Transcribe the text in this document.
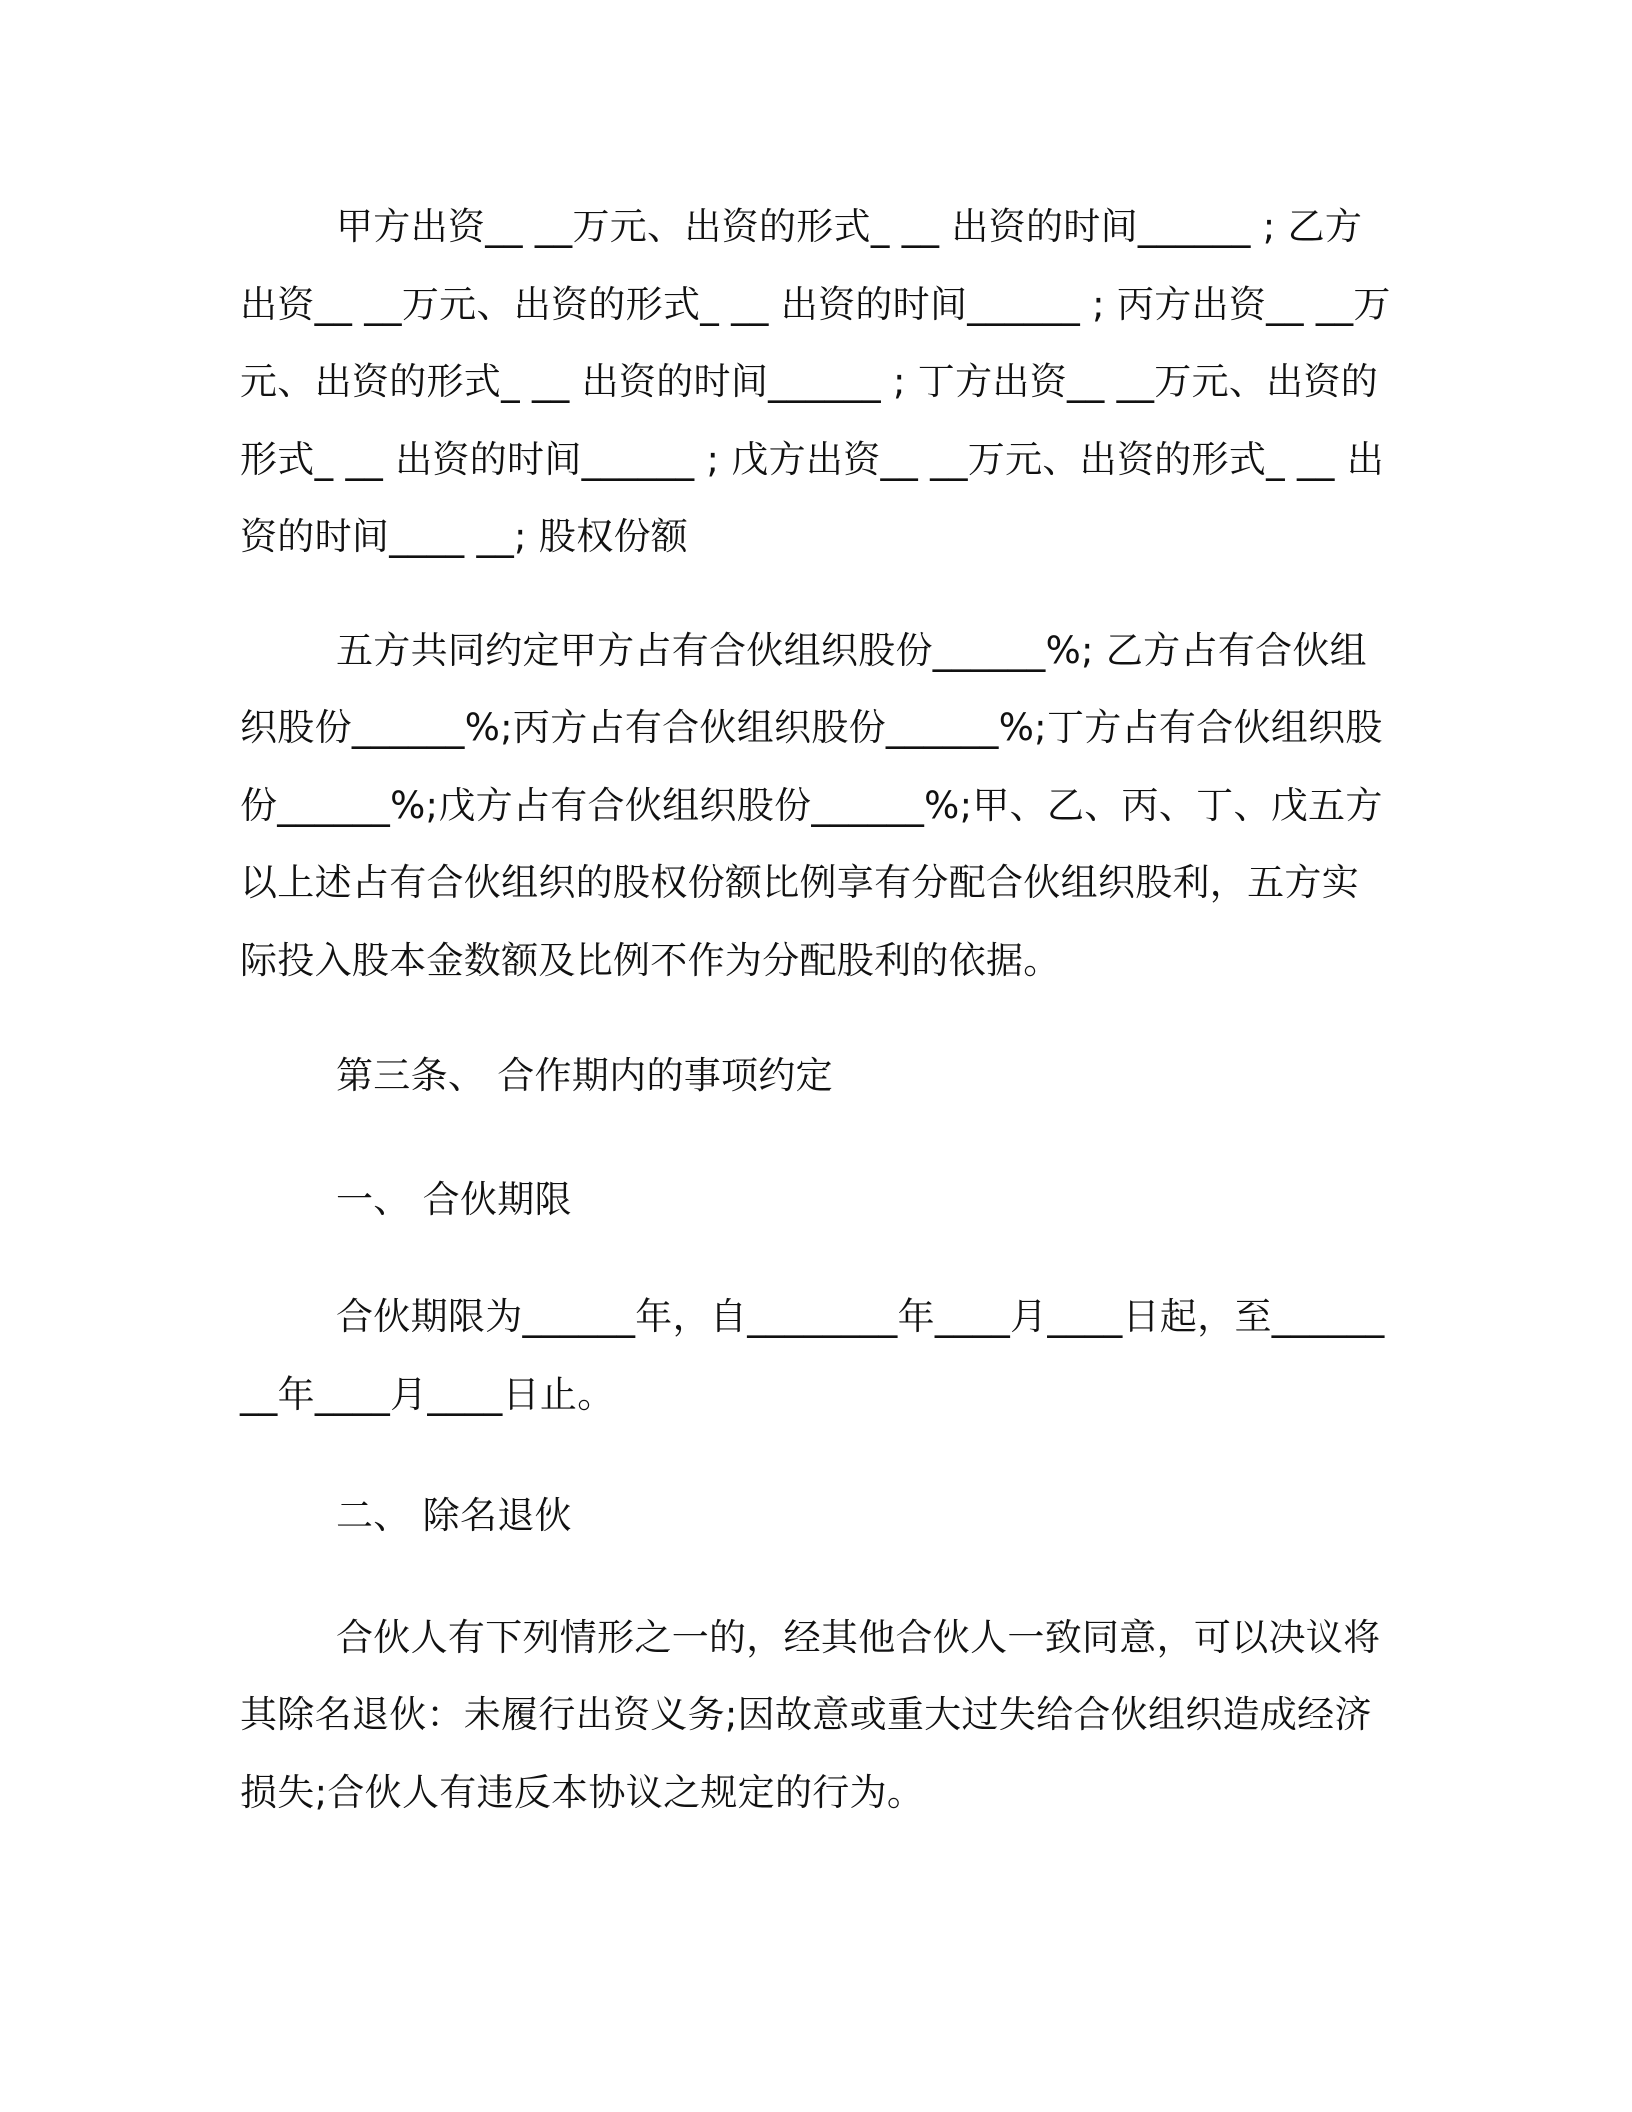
甲方出资__ __万元、出资的形式_ __ 出资的时间______ ; 乙方出资__ __万元、出资的形式_ __ 出资的时间______ ; 丙方出资__ __万元、出资的形式_ __ 出资的时间______ ; 丁方出资__ __万元、出资的形式_ __ 出资的时间______ ; 戊方出资__ __万元、出资的形式_ __ 出资的时间____ __; 股权份额

五方共同约定甲方占有合伙组织股份______%; 乙方占有合伙组织股份______%;丙方占有合伙组织股份______%;丁方占有合伙组织股份______%;戊方占有合伙组织股份______%;甲、乙、丙、丁、戊五方以上述占有合伙组织的股权份额比例享有分配合伙组织股利，五方实际投入股本金数额及比例不作为分配股利的依据。

第三条、 合作期内的事项约定

一、 合伙期限

合伙期限为______年，自________年____月____日起，至________年____月____日止。

二、 除名退伙

合伙人有下列情形之一的，经其他合伙人一致同意，可以决议将其除名退伙：未履行出资义务;因故意或重大过失给合伙组织造成经济损失;合伙人有违反本协议之规定的行为。
